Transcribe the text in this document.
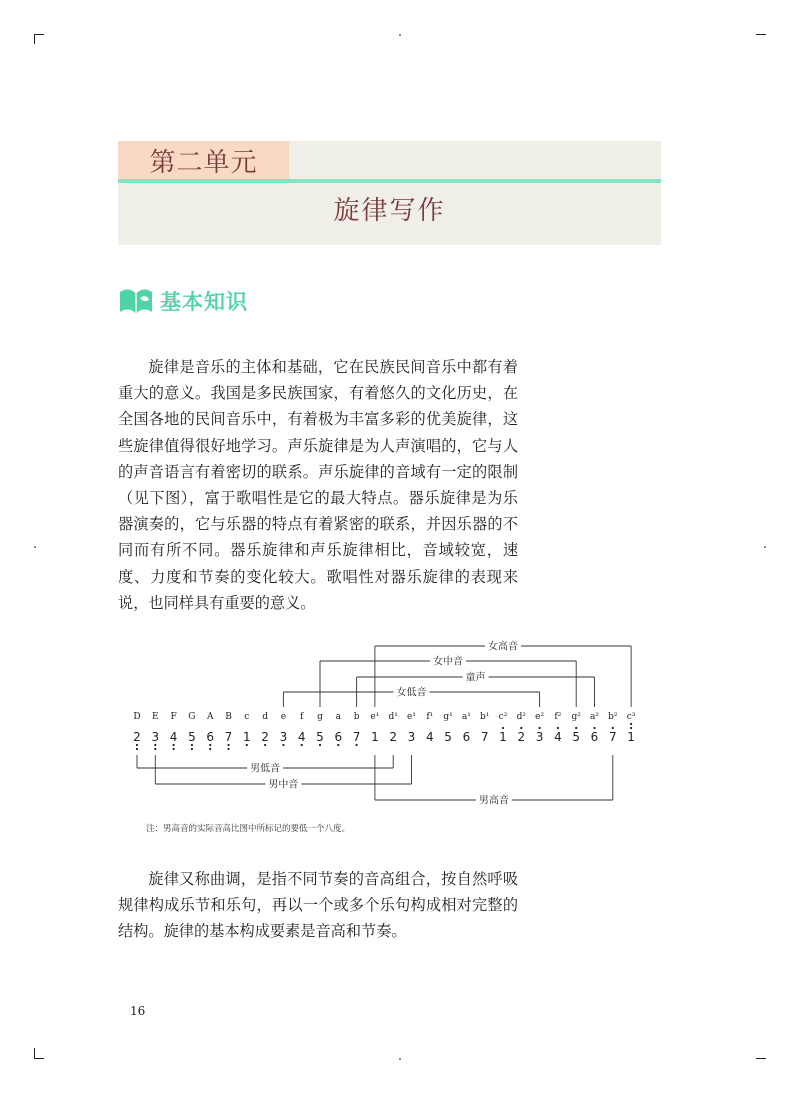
第二单元
旋律写作
基本知识

旋律是音乐的主体和基础，它在民族民间音乐中都有着重大的意义。我国是多民族国家，有着悠久的文化历史，在全国各地的民间音乐中，有着极为丰富多彩的优美旋律，这些旋律值得很好地学习。声乐旋律是为人声演唱的，它与人的声音语言有着密切的联系。声乐旋律的音域有一定的限制（见下图），富于歌唱性是它的最大特点。器乐旋律是为乐器演奏的，它与乐器的特点有着紧密的联系，并因乐器的不同而有所不同。器乐旋律和声乐旋律相比，音域较宽，速度、力度和节奏的变化较大。歌唱性对器乐旋律的表现来说，也同样具有重要的意义。

D E F G A B c d e f g a b e¹ d¹ e¹ f¹ g¹ a¹ b¹ c² d² e² f² g² a² b² c³
2 3 4 5 6 7 1 2 3 4 5 6 7 1 2 3 4 5 6 7 1 2 3 4 5 6 7 1
女高音
女中音
童声
女低音
男低音
男中音
男高音
注：男高音的实际音高比图中所标记的要低一个八度。

旋律又称曲调，是指不同节奏的音高组合，按自然呼吸规律构成乐节和乐句，再以一个或多个乐句构成相对完整的结构。旋律的基本构成要素是音高和节奏。

16
